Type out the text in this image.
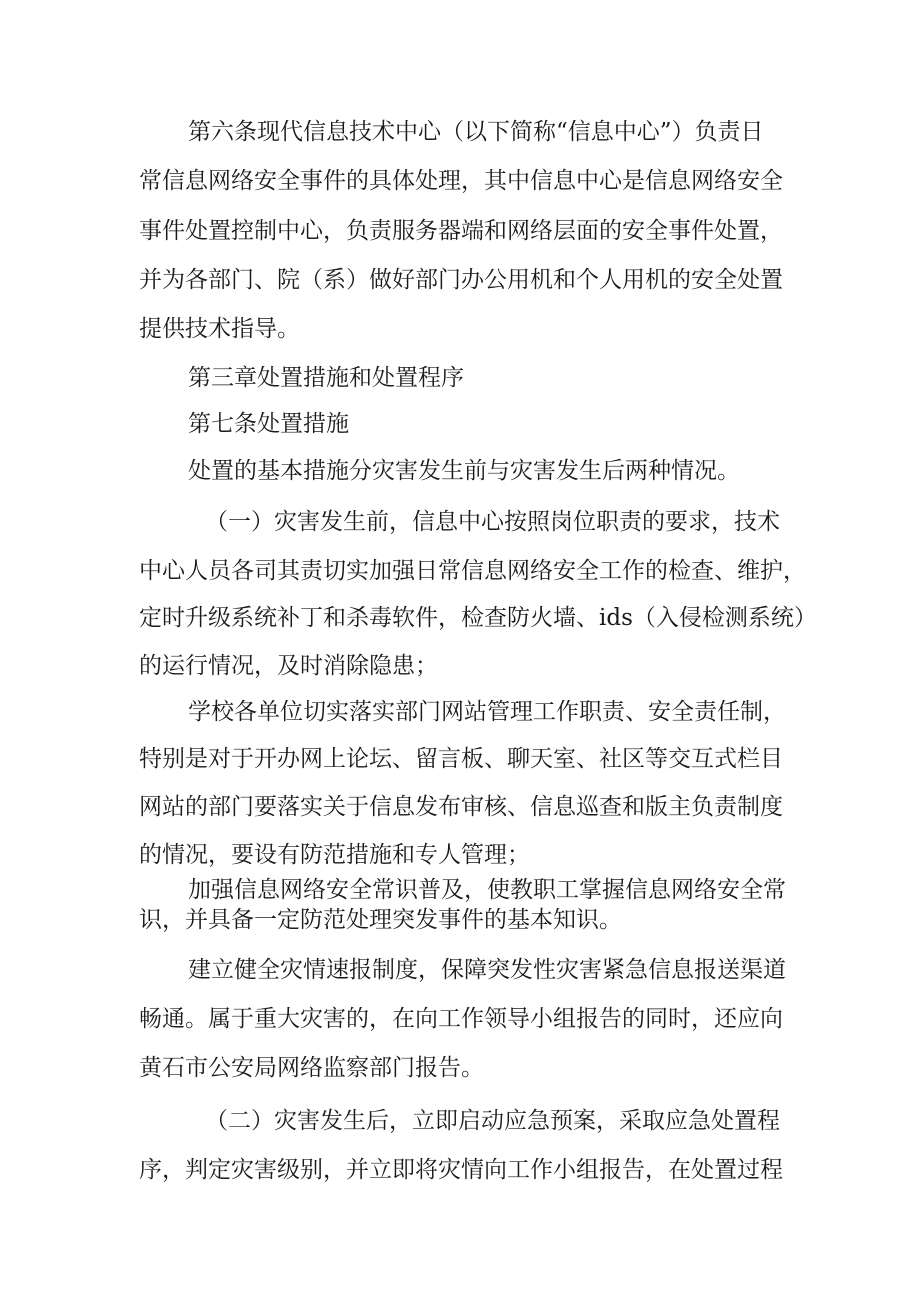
第六条现代信息技术中心（以下简称“信息中心”）负责日
常信息网络安全事件的具体处理，其中信息中心是信息网络安全
事件处置控制中心，负责服务器端和网络层面的安全事件处置，
并为各部门、院（系）做好部门办公用机和个人用机的安全处置
提供技术指导。
第三章处置措施和处置程序
第七条处置措施
处置的基本措施分灾害发生前与灾害发生后两种情况。
（一）灾害发生前，信息中心按照岗位职责的要求，技术
中心人员各司其责切实加强日常信息网络安全工作的检查、维护，
定时升级系统补丁和杀毒软件，检查防火墙、ids（入侵检测系统）
的运行情况，及时消除隐患；
学校各单位切实落实部门网站管理工作职责、安全责任制，
特别是对于开办网上论坛、留言板、聊天室、社区等交互式栏目
网站的部门要落实关于信息发布审核、信息巡查和版主负责制度
的情况，要设有防范措施和专人管理；
加强信息网络安全常识普及，使教职工掌握信息网络安全常
识，并具备一定防范处理突发事件的基本知识。
建立健全灾情速报制度，保障突发性灾害紧急信息报送渠道
畅通。属于重大灾害的，在向工作领导小组报告的同时，还应向
黄石市公安局网络监察部门报告。
（二）灾害发生后，立即启动应急预案，采取应急处置程
序，判定灾害级别，并立即将灾情向工作小组报告，在处置过程
